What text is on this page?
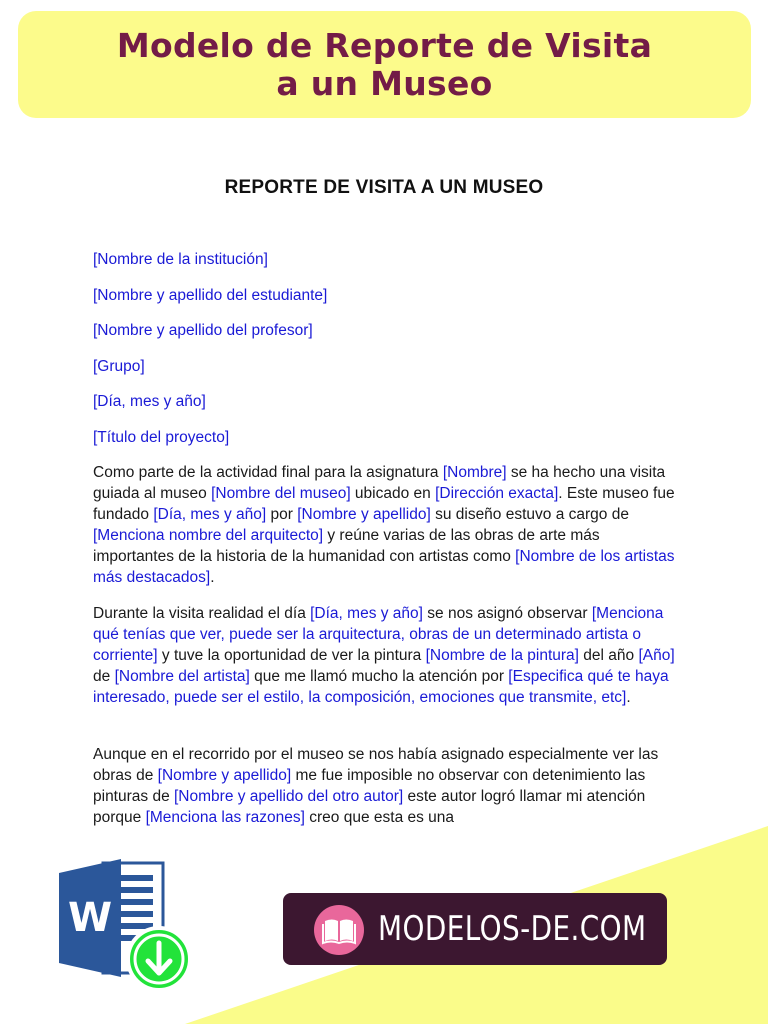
Modelo de Reporte de Visita
a un Museo
REPORTE DE VISITA A UN MUSEO
[Nombre de la institución]
[Nombre y apellido del estudiante]
[Nombre y apellido del profesor]
[Grupo]
[Día, mes y año]
[Título del proyecto]
Como parte de la actividad final para la asignatura [Nombre] se ha hecho una visita guiada al museo [Nombre del museo] ubicado en [Dirección exacta]. Este museo fue fundado [Día, mes y año] por [Nombre y apellido] su diseño estuvo a cargo de [Menciona nombre del arquitecto] y reúne varias de las obras de arte más importantes de la historia de la humanidad con artistas como [Nombre de los artistas más destacados].
Durante la visita realidad el día [Día, mes y año] se nos asignó observar [Menciona qué tenías que ver, puede ser la arquitectura, obras de un determinado artista o corriente] y tuve la oportunidad de ver la pintura [Nombre de la pintura] del año [Año] de [Nombre del artista] que me llamó mucho la atención por [Especifica qué te haya interesado, puede ser el estilo, la composición, emociones que transmite, etc].
Aunque en el recorrido por el museo se nos había asignado especialmente ver las obras de [Nombre y apellido] me fue imposible no observar con detenimiento las pinturas de [Nombre y apellido del otro autor] este autor logró llamar mi atención porque [Menciona las razones] creo que esta es una
W	MODELOS-DE.COM
